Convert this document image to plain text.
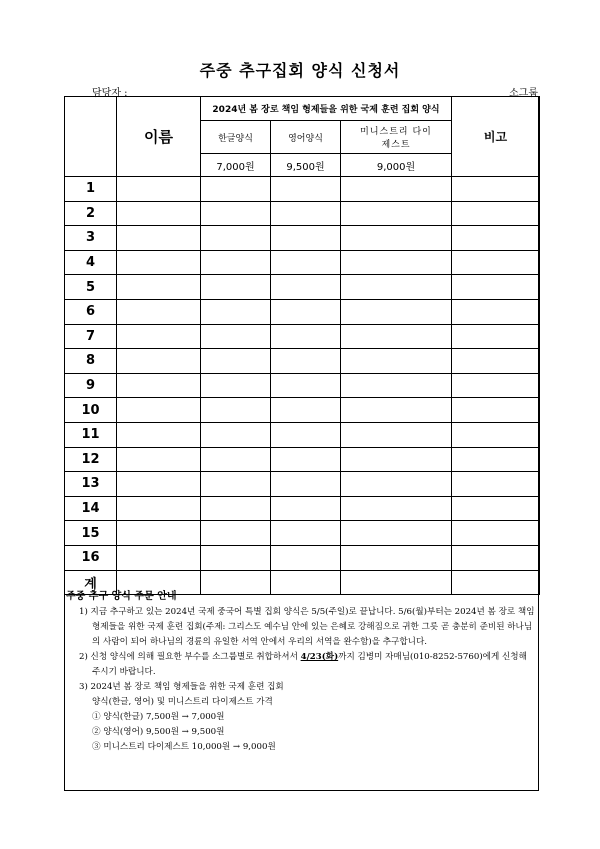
주중 추구집회 양식 신청서
담당자 :	소그룹
	이름	2024년 봄 장로 책임 형제들을 위한 국제 훈련 집회 양식			비고
		한글양식	영어양식	미니스트리 다이제스트	
		7,000원	9,500원	9,000원	
1					
2					
3					
4					
5					
6					
7					
8					
9					
10					
11					
12					
13					
14					
15					
16					
계					

주중 추구 양식 주문 안내

1) 지금 추구하고 있는 2024년 국제 중국어 특별 집회 양식은 5/5(주일)로 끝납니다. 5/6(월)부터는 2024년 봄 장로 책임 형제들을 위한 국제 훈련 집회(주제: 그리스도 예수님 안에 있는 은혜로 강해짐으로 귀한 그릇 곧 충분히 준비된 하나님의 사람이 되어 하나님의 경륜의 유일한 서역 안에서 우리의 서역을 완수함)을 추구합니다.

2) 신청 양식에 의해 필요한 부수를 소그룹별로 취합하셔서 4/23(화)까지 김병미 자매님(010-8252-5760)에게 신청해 주시기 바랍니다.

3) 2024년 봄 장로 책임 형제들을 위한 국제 훈련 집회

양식(한글, 영어) 및 미니스트리 다이제스트 가격

① 양식(한글) 7,500원 → 7,000원

② 양식(영어) 9,500원 → 9,500원

③ 미니스트리 다이제스트 10,000원 → 9,000원
